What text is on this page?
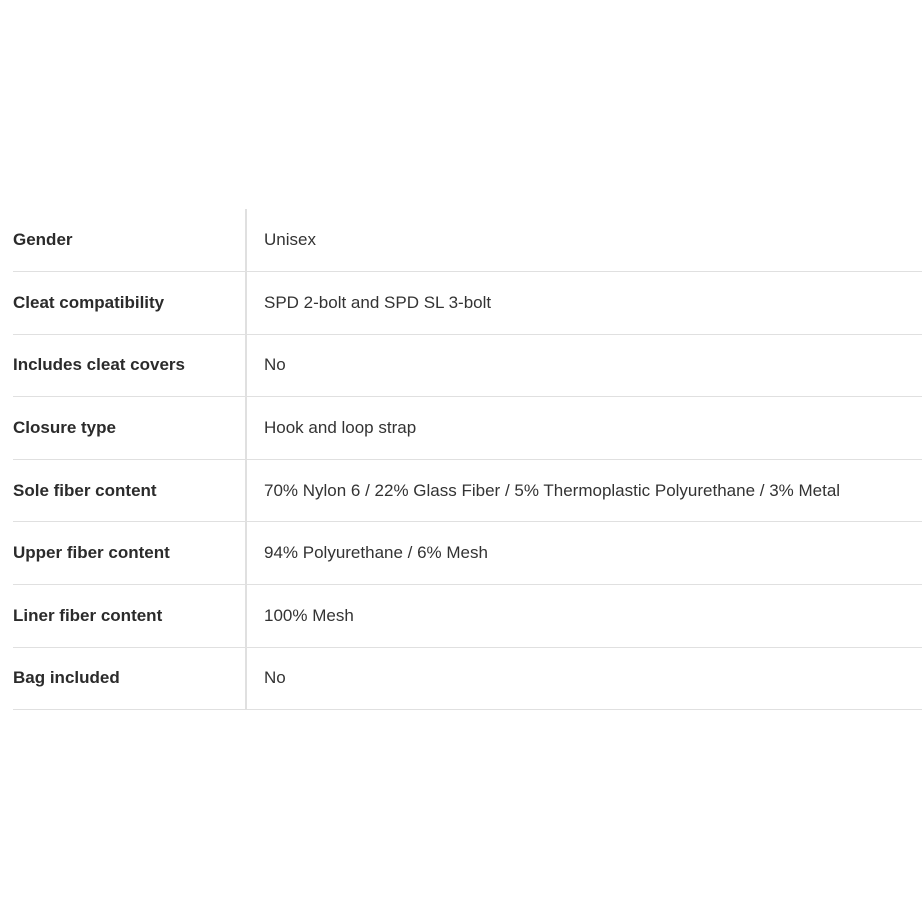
Gender	Unisex
Cleat compatibility	SPD 2-bolt and SPD SL 3-bolt
Includes cleat covers	No
Closure type	Hook and loop strap
Sole fiber content	70% Nylon 6 / 22% Glass Fiber / 5% Thermoplastic Polyurethane / 3% Metal
Upper fiber content	94% Polyurethane / 6% Mesh
Liner fiber content	100% Mesh
Bag included	No
